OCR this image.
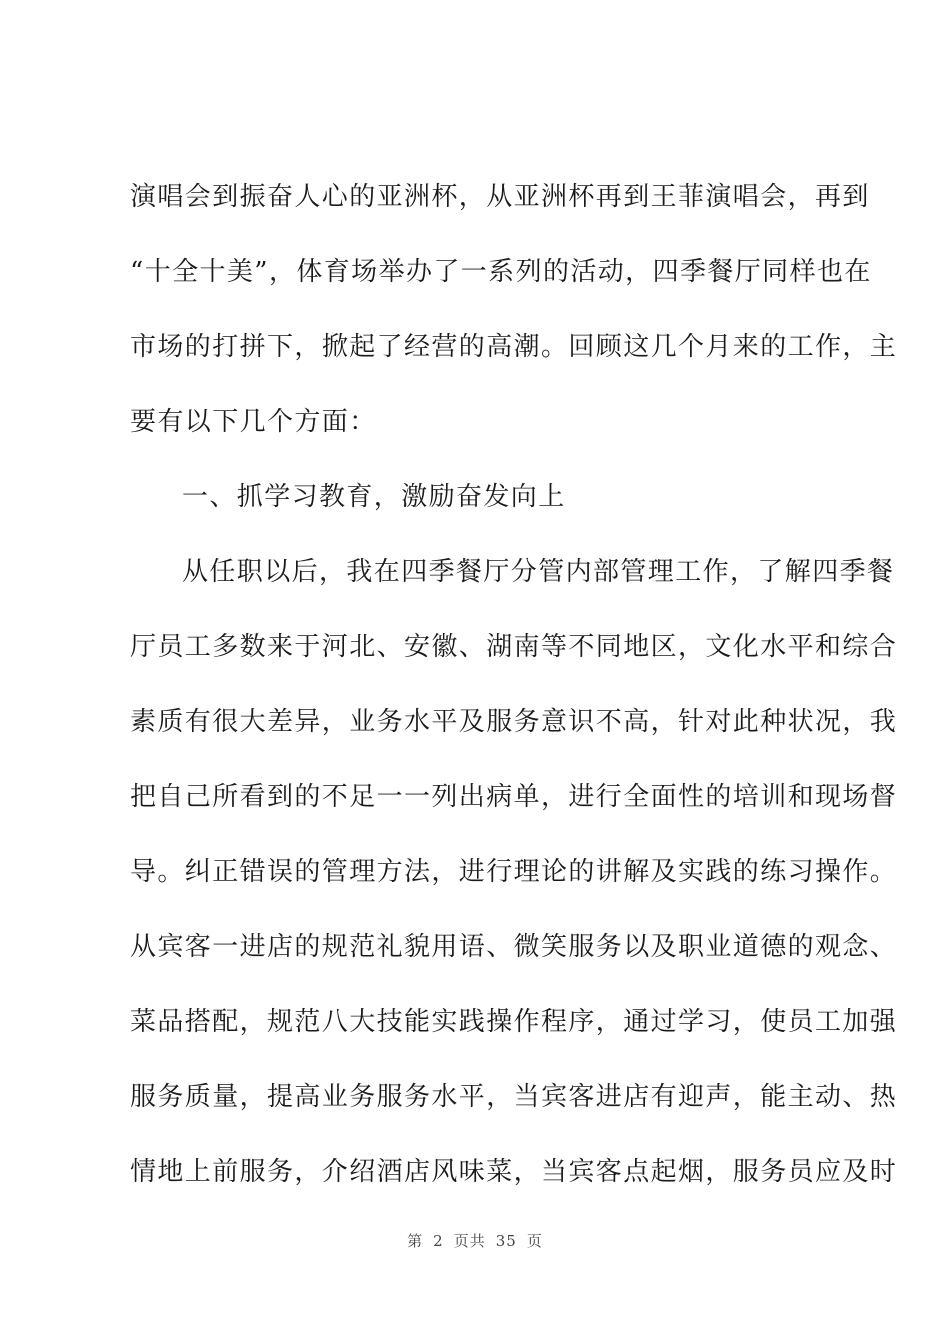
演唱会到振奋人心的亚洲杯，从亚洲杯再到王菲演唱会，再到
“十全十美”，体育场举办了一系列的活动，四季餐厅同样也在
市场的打拼下，掀起了经营的高潮。回顾这几个月来的工作，主
要有以下几个方面：
一、抓学习教育，激励奋发向上
从任职以后，我在四季餐厅分管内部管理工作，了解四季餐
厅员工多数来于河北、安徽、湖南等不同地区，文化水平和综合
素质有很大差异，业务水平及服务意识不高，针对此种状况，我
把自己所看到的不足一一列出病单，进行全面性的培训和现场督
导。纠正错误的管理方法，进行理论的讲解及实践的练习操作。
从宾客一进店的规范礼貌用语、微笑服务以及职业道德的观念、
菜品搭配，规范八大技能实践操作程序，通过学习，使员工加强
服务质量，提高业务服务水平，当宾客进店有迎声，能主动、热
情地上前服务，介绍酒店风味菜，当宾客点起烟，服务员应及时
第 2 页共 35 页
